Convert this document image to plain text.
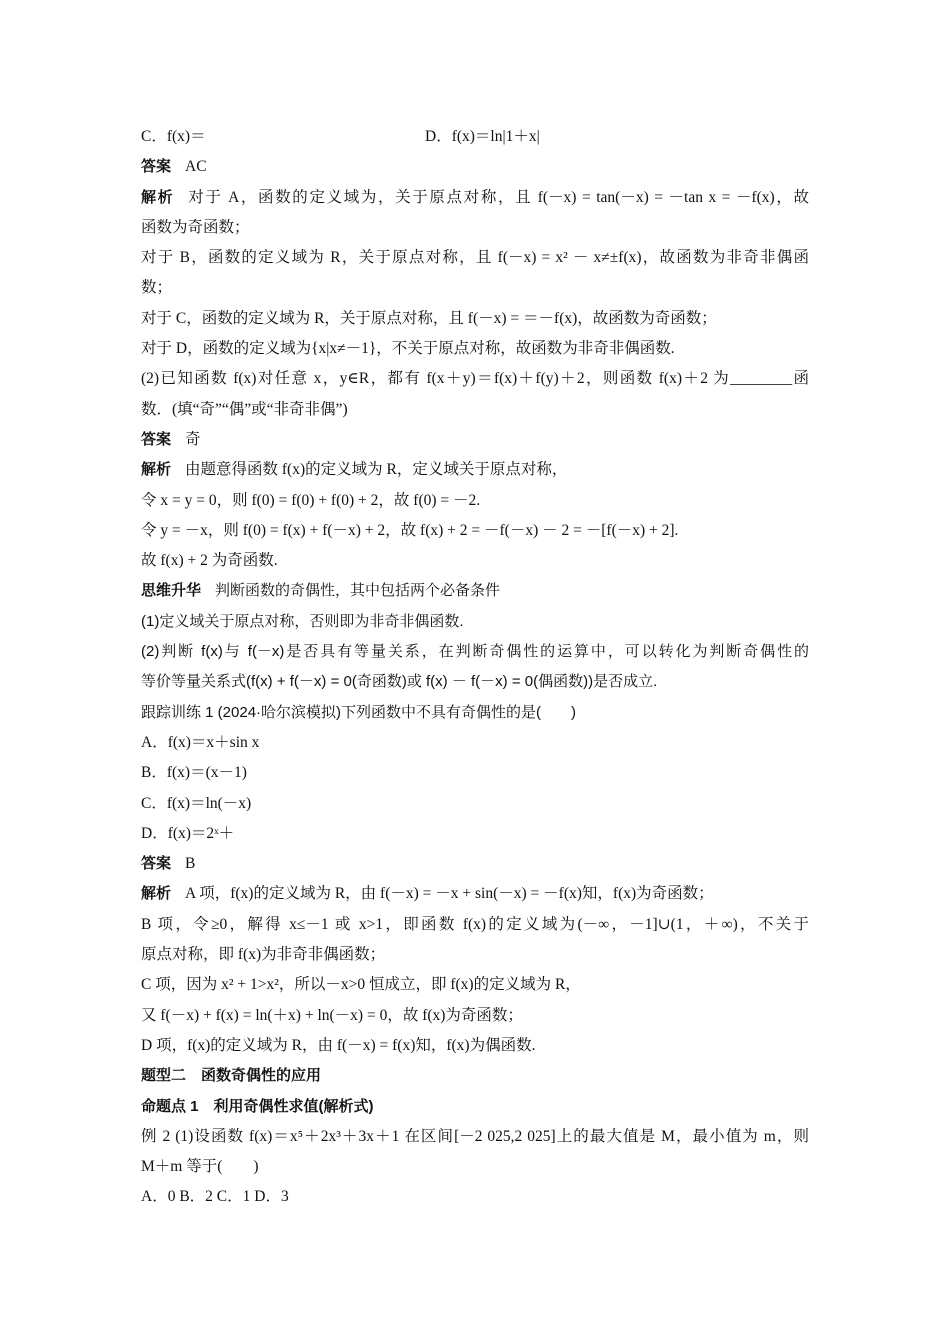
C．f(x)＝	D．f(x)＝ln|1＋x|
答案 AC
解析 对于 A，函数的定义域为，关于原点对称，且 f(－x) = tan(－x) = －tan x = －f(x)，故
函数为奇函数；
对于 B，函数的定义域为 R，关于原点对称，且 f(－x) = x² － x≠±f(x)，故函数为非奇非偶函
数；
对于 C，函数的定义域为 R，关于原点对称，且 f(－x) = ＝－f(x)，故函数为奇函数；
对于 D，函数的定义域为{x|x≠－1}，不关于原点对称，故函数为非奇非偶函数.
(2)已知函数 f(x)对任意 x，y∈R，都有 f(x＋y)＝f(x)＋f(y)＋2，则函数 f(x)＋2 为________函
数．(填“奇”“偶”或“非奇非偶”)
答案 奇
解析 由题意得函数 f(x)的定义域为 R，定义域关于原点对称，
令 x = y = 0，则 f(0) = f(0) + f(0) + 2，故 f(0) = －2.
令 y = －x，则 f(0) = f(x) + f(－x) + 2，故 f(x) + 2 = －f(－x) － 2 = －[f(－x) + 2].
故 f(x) + 2 为奇函数.
思维升华 判断函数的奇偶性，其中包括两个必备条件
(1)定义域关于原点对称，否则即为非奇非偶函数.
(2)判断 f(x)与 f(－x)是否具有等量关系，在判断奇偶性的运算中，可以转化为判断奇偶性的
等价等量关系式(f(x) + f(－x) = 0(奇函数)或 f(x) － f(－x) = 0(偶函数))是否成立.
跟踪训练 1 (2024·哈尔滨模拟)下列函数中不具有奇偶性的是(　　)
A．f(x)＝x＋sin x
B．f(x)＝(x－1)
C．f(x)＝ln(－x)
D．f(x)＝2ˣ＋
答案 B
解析 A 项，f(x)的定义域为 R，由 f(－x) = －x + sin(－x) = －f(x)知，f(x)为奇函数；
B 项，令≥0，解得 x≤－1 或 x>1，即函数 f(x)的定义域为(－∞，－1]∪(1，＋∞)，不关于
原点对称，即 f(x)为非奇非偶函数；
C 项，因为 x² + 1>x²，所以－x>0 恒成立，即 f(x)的定义域为 R，
又 f(－x) + f(x) = ln(＋x) + ln(－x) = 0，故 f(x)为奇函数；
D 项，f(x)的定义域为 R，由 f(－x) = f(x)知，f(x)为偶函数.
题型二　函数奇偶性的应用
命题点 1　利用奇偶性求值(解析式)
例 2 (1)设函数 f(x)＝x⁵＋2x³＋3x＋1 在区间[－2 025,2 025]上的最大值是 M，最小值为 m，则
M＋m 等于(　　)
A．0 B．2 C．1 D．3
